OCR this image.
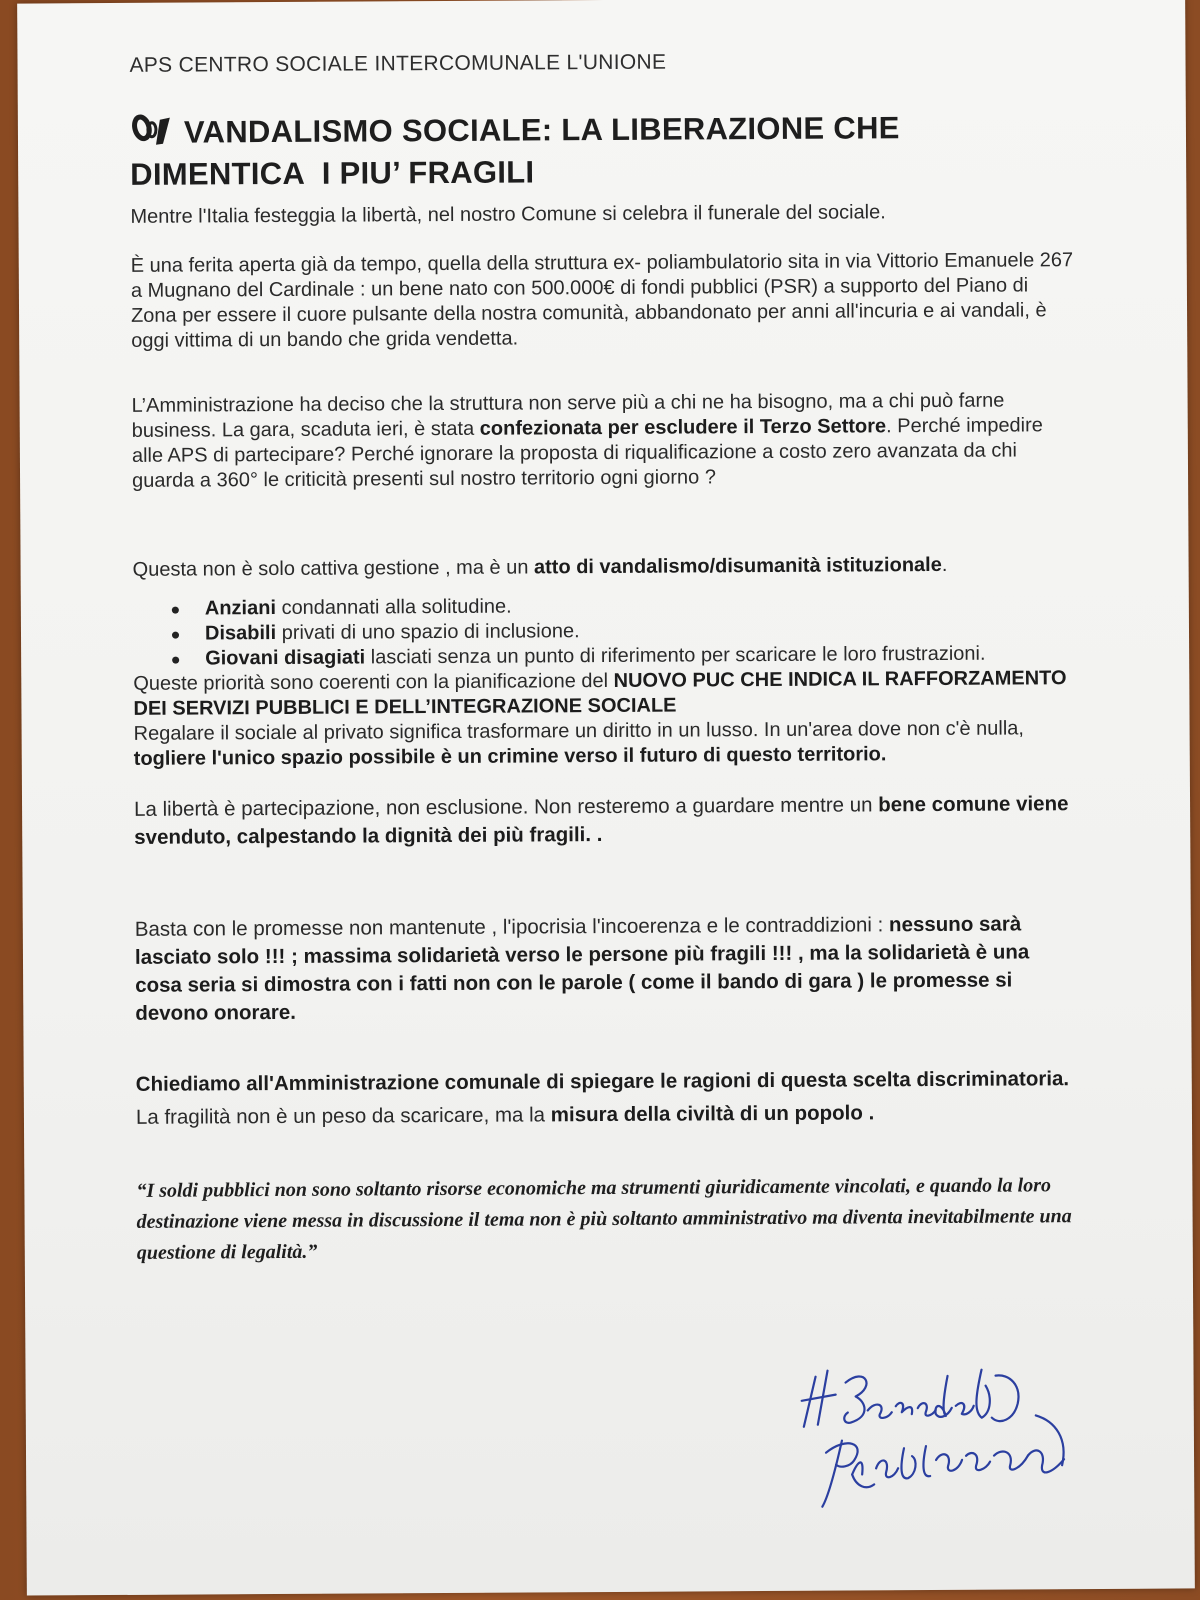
APS CENTRO SOCIALE INTERCOMUNALE L'UNIONE

VANDALISMO SOCIALE: LA LIBERAZIONE CHE
DIMENTICA  I PIU’ FRAGILI

Mentre l'Italia festeggia la libertà, nel nostro Comune si celebra il funerale del sociale.

È una ferita aperta già da tempo, quella della struttura ex- poliambulatorio sita in via Vittorio Emanuele 267 a Mugnano del Cardinale : un bene nato con 500.000€ di fondi pubblici (PSR) a supporto del Piano di Zona per essere il cuore pulsante della nostra comunità, abbandonato per anni all'incuria e ai vandali, è oggi vittima di un bando che grida vendetta.

L’Amministrazione ha deciso che la struttura non serve più a chi ne ha bisogno, ma a chi può farne business. La gara, scaduta ieri, è stata confezionata per escludere il Terzo Settore. Perché impedire alle APS di partecipare? Perché ignorare la proposta di riqualificazione a costo zero avanzata da chi guarda a 360° le criticità presenti sul nostro territorio ogni giorno ?

Questa non è solo cattiva gestione , ma è un atto di vandalismo/disumanità istituzionale.

Anziani condannati alla solitudine.
Disabili privati di uno spazio di inclusione.
Giovani disagiati lasciati senza un punto di riferimento per scaricare le loro frustrazioni.

Queste priorità sono coerenti con la pianificazione del NUOVO PUC CHE INDICA IL RAFFORZAMENTO DEI SERVIZI PUBBLICI E DELL’INTEGRAZIONE SOCIALE
Regalare il sociale al privato significa trasformare un diritto in un lusso. In un'area dove non c'è nulla, togliere l'unico spazio possibile è un crimine verso il futuro di questo territorio.

La libertà è partecipazione, non esclusione. Non resteremo a guardare mentre un bene comune viene svenduto, calpestando la dignità dei più fragili. .

Basta con le promesse non mantenute , l'ipocrisia l'incoerenza e le contraddizioni : nessuno sarà lasciato solo !!! ; massima solidarietà verso le persone più fragili !!! , ma la solidarietà è una cosa seria si dimostra con i fatti non con le parole ( come il bando di gara ) le promesse si devono onorare.

Chiediamo all'Amministrazione comunale di spiegare le ragioni di questa scelta discriminatoria. La fragilità non è un peso da scaricare, ma la misura della civiltà di un popolo .

“I soldi pubblici non sono soltanto risorse economiche ma strumenti giuridicamente vincolati, e quando la loro destinazione viene messa in discussione il tema non è più soltanto amministrativo ma diventa inevitabilmente una questione di legalità.”
